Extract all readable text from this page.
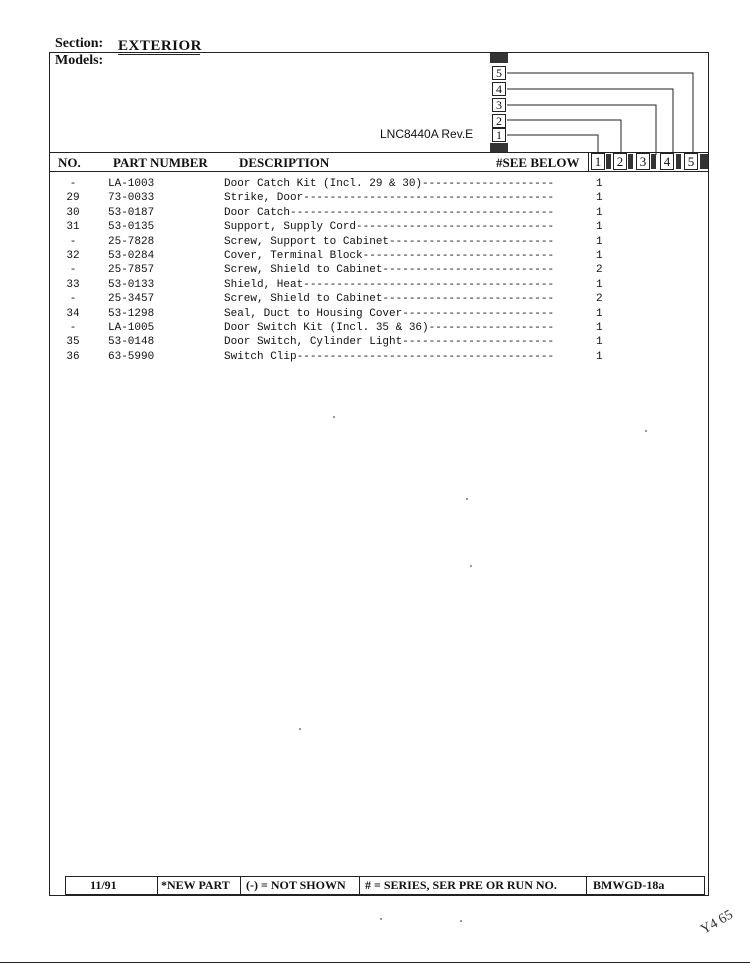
Section: EXTERIOR
Models:
LNC8440A Rev.E
5
4
3
2
1
NO. PART NUMBER DESCRIPTION	#SEE BELOW 1 2 3 4 5
-	LA-1003	Door Catch Kit (Incl. 29 & 30)--------------------	1
29	73-0033	Strike, Door--------------------------------------	1
30	53-0187	Door Catch----------------------------------------	1
31	53-0135	Support, Supply Cord------------------------------	1
-	25-7828	Screw, Support to Cabinet-------------------------	1
32	53-0284	Cover, Terminal Block-----------------------------	1
-	25-7857	Screw, Shield to Cabinet--------------------------	2
33	53-0133	Shield, Heat--------------------------------------	1
-	25-3457	Screw, Shield to Cabinet--------------------------	2
34	53-1298	Seal, Duct to Housing Cover-----------------------	1
-	LA-1005	Door Switch Kit (Incl. 35 & 36)-------------------	1
35	53-0148	Door Switch, Cylinder Light-----------------------	1
36	63-5990	Switch Clip---------------------------------------	1
11/91	*NEW PART (-) = NOT SHOWN # = SERIES, SER PRE OR RUN NO.	BMWGD-18a
Y4 65
